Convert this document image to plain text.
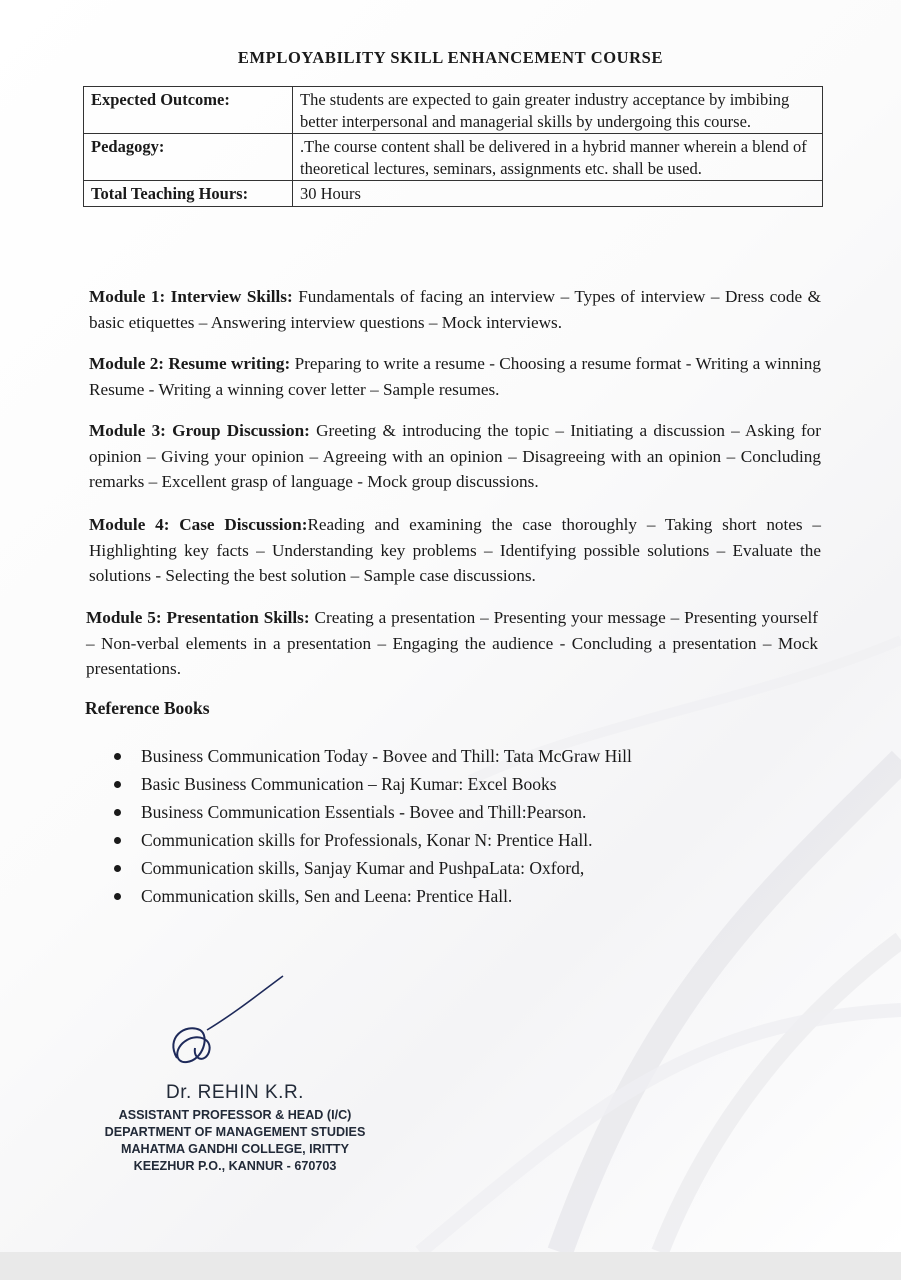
EMPLOYABILITY SKILL ENHANCEMENT COURSE
Expected Outcome:	The students are expected to gain greater industry acceptance by imbibing better interpersonal and managerial skills by undergoing this course.
Pedagogy:	.The course content shall be delivered in a hybrid manner wherein a blend of theoretical lectures, seminars, assignments etc. shall be used.
Total Teaching Hours:	30 Hours
Module 1: Interview Skills: Fundamentals of facing an interview – Types of interview – Dress code & basic etiquettes – Answering interview questions – Mock interviews.
Module 2: Resume writing: Preparing to write a resume - Choosing a resume format - Writing a winning Resume - Writing a winning cover letter – Sample resumes.
Module 3: Group Discussion: Greeting & introducing the topic – Initiating a discussion – Asking for opinion – Giving your opinion – Agreeing with an opinion – Disagreeing with an opinion – Concluding remarks – Excellent grasp of language - Mock group discussions.
Module 4: Case Discussion:Reading and examining the case thoroughly – Taking short notes – Highlighting key facts – Understanding key problems – Identifying possible solutions – Evaluate the solutions - Selecting the best solution – Sample case discussions.
Module 5: Presentation Skills: Creating a presentation – Presenting your message – Presenting yourself – Non-verbal elements in a presentation – Engaging the audience - Concluding a presentation – Mock presentations.
Reference Books
Business Communication Today - Bovee and Thill: Tata McGraw Hill
Basic Business Communication – Raj Kumar: Excel Books
Business Communication Essentials - Bovee and Thill:Pearson.
Communication skills for Professionals, Konar N: Prentice Hall.
Communication skills, Sanjay Kumar and PushpaLata: Oxford,
Communication skills, Sen and Leena: Prentice Hall.
Dr. REHIN K.R.
ASSISTANT PROFESSOR & HEAD (I/C)
DEPARTMENT OF MANAGEMENT STUDIES
MAHATMA GANDHI COLLEGE, IRITTY
KEEZHUR P.O., KANNUR - 670703
